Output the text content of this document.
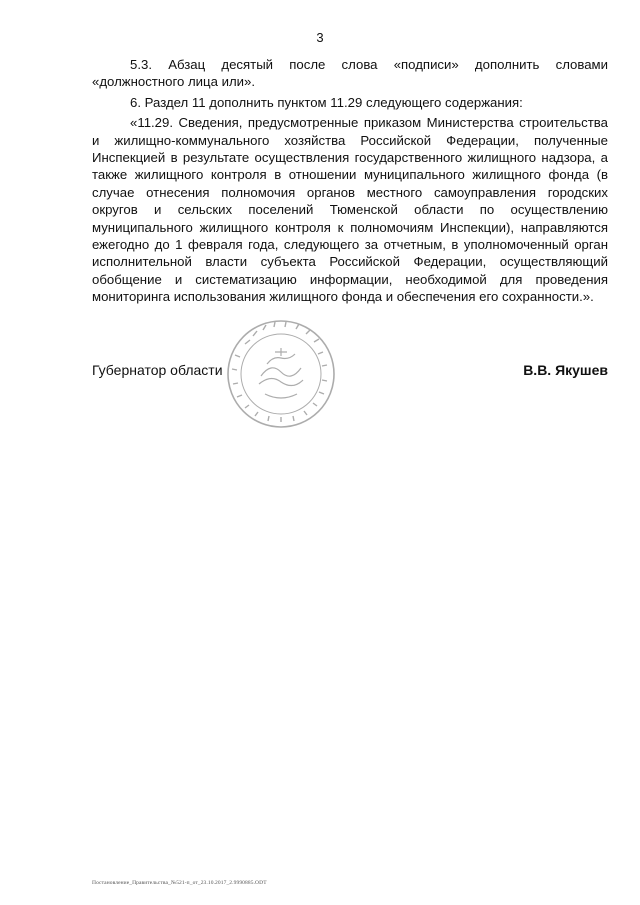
3

5.3. Абзац десятый после слова «подписи» дополнить словами «должностного лица или».

6. Раздел 11 дополнить пунктом 11.29 следующего содержания:

«11.29. Сведения, предусмотренные приказом Министерства строительства и жилищно-коммунального хозяйства Российской Федерации, полученные Инспекцией в результате осуществления государственного жилищного надзора, а также жилищного контроля в отношении муниципального жилищного фонда (в случае отнесения полномочия органов местного самоуправления городских округов и сельских поселений Тюменской области по осуществлению муниципального жилищного контроля к полномочиям Инспекции), направляются ежегодно до 1 февраля года, следующего за отчетным, в уполномоченный орган исполнительной власти субъекта Российской Федерации, осуществляющий обобщение и систематизацию информации, необходимой для проведения мониторинга использования жилищного фонда и обеспечения его сохранности.».

Губернатор области	В.В. Якушев
Постановление_Правительства_№521-п_от_23.10.2017_2.9990885.ODT
